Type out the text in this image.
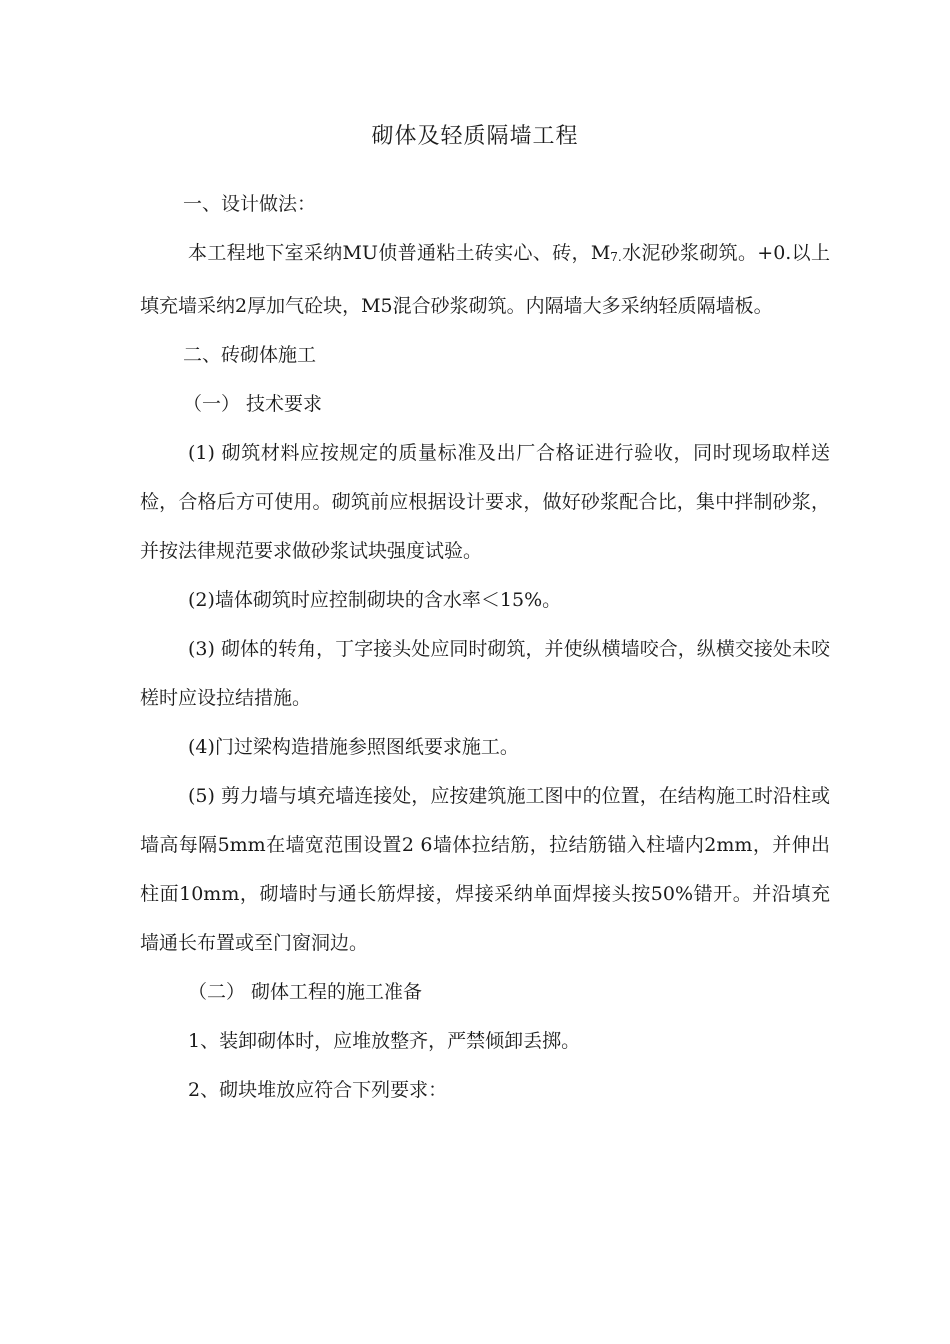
砌体及轻质隔墙工程

一、设计做法：

本工程地下室采纳MU侦普通粘土砖实心、砖，M7.水泥砂浆砌筑。+0.以上填充墙采纳2厚加气砼块，M5混合砂浆砌筑。内隔墙大多采纳轻质隔墙板。

二、砖砌体施工

（一） 技术要求

(1) 砌筑材料应按规定的质量标准及出厂合格证进行验收，同时现场取样送检，合格后方可使用。砌筑前应根据设计要求，做好砂浆配合比，集中拌制砂浆，并按法律规范要求做砂浆试块强度试验。

(2)墙体砌筑时应控制砌块的含水率＜15%。

(3) 砌体的转角，丁字接头处应同时砌筑，并使纵横墙咬合，纵横交接处未咬槎时应设拉结措施。

(4)门过梁构造措施参照图纸要求施工。

(5) 剪力墙与填充墙连接处，应按建筑施工图中的位置，在结构施工时沿柱或墙高每隔5mm在墙宽范围设置2 6墙体拉结筋，拉结筋锚入柱墙内2mm，并伸出柱面10mm，砌墙时与通长筋焊接，焊接采纳单面焊接头按50%错开。并沿填充墙通长布置或至门窗洞边。

（二） 砌体工程的施工准备

1、装卸砌体时，应堆放整齐，严禁倾卸丢掷。

2、砌块堆放应符合下列要求：
